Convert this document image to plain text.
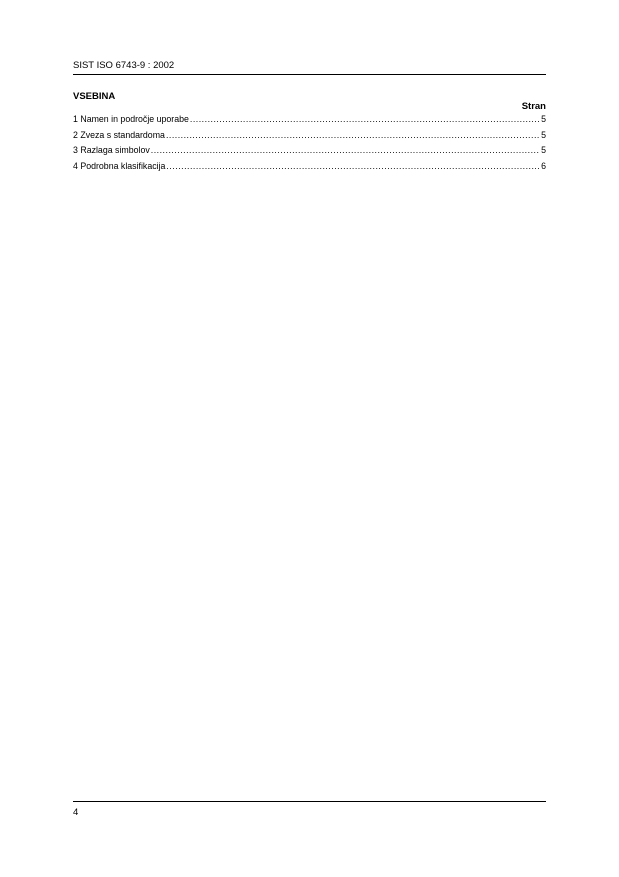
SIST ISO 6743-9 : 2002
VSEBINA
Stran
1 Namen in področje uporabe .....	5
2 Zveza s standardoma .....	5
3 Razlaga simbolov .....	5
4 Podrobna klasifikacija .....	6
4
